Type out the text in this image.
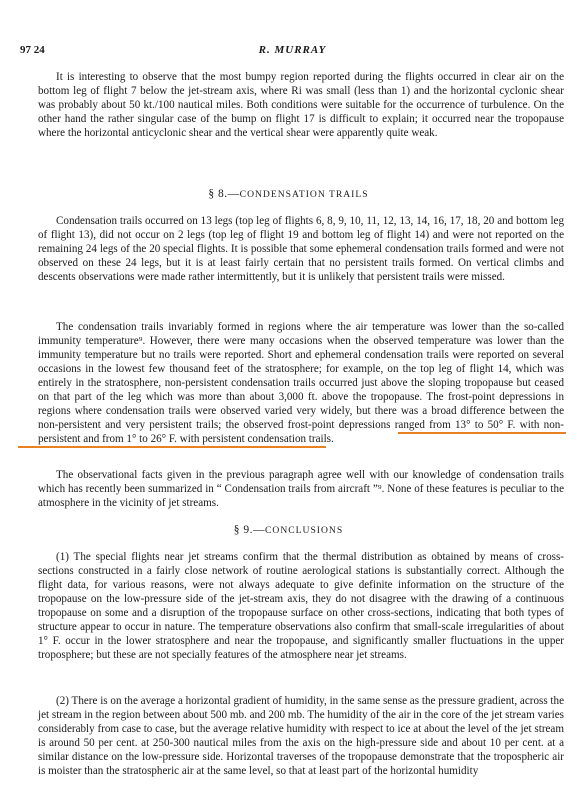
97 24	R. MURRAY

It is interesting to observe that the most bumpy region reported during the flights occurred in clear air on the bottom leg of flight 7 below the jet-stream axis, where Ri was small (less than 1) and the horizontal cyclonic shear was probably about 50 kt./100 nautical miles. Both conditions were suitable for the occurrence of turbulence. On the other hand the rather singular case of the bump on flight 17 is difficult to explain; it occurred near the tropopause where the horizontal anticyclonic shear and the vertical shear were apparently quite weak.

§ 8.—CONDENSATION TRAILS

Condensation trails occurred on 13 legs (top leg of flights 6, 8, 9, 10, 11, 12, 13, 14, 16, 17, 18, 20 and bottom leg of flight 13), did not occur on 2 legs (top leg of flight 19 and bottom leg of flight 14) and were not reported on the remaining 24 legs of the 20 special flights. It is possible that some ephemeral condensation trails formed and were not observed on these 24 legs, but it is at least fairly certain that no persistent trails formed. On vertical climbs and descents observations were made rather intermittently, but it is unlikely that persistent trails were missed.

The condensation trails invariably formed in regions where the air temperature was lower than the so-called immunity temperature⁹. However, there were many occasions when the observed temperature was lower than the immunity temperature but no trails were reported. Short and ephemeral condensation trails were reported on several occasions in the lowest few thousand feet of the stratosphere; for example, on the top leg of flight 14, which was entirely in the stratosphere, non-persistent condensation trails occurred just above the sloping tropopause but ceased on that part of the leg which was more than about 3,000 ft. above the tropopause. The frost-point depressions in regions where condensation trails were observed varied very widely, but there was a broad difference between the non-persistent and very persistent trails; the observed frost-point depressions ranged from 13° to 50° F. with non-persistent and from 1° to 26° F. with persistent condensation trails.

The observational facts given in the previous paragraph agree well with our knowledge of condensation trails which has recently been summarized in “ Condensation trails from aircraft ”⁹. None of these features is peculiar to the atmosphere in the vicinity of jet streams.

§ 9.—CONCLUSIONS

(1) The special flights near jet streams confirm that the thermal distribution as obtained by means of cross-sections constructed in a fairly close network of routine aerological stations is substantially correct. Although the flight data, for various reasons, were not always adequate to give definite information on the structure of the tropopause on the low-pressure side of the jet-stream axis, they do not disagree with the drawing of a continuous tropopause on some and a disruption of the tropopause surface on other cross-sections, indicating that both types of structure appear to occur in nature. The temperature observations also confirm that small-scale irregularities of about 1° F. occur in the lower stratosphere and near the tropopause, and significantly smaller fluctuations in the upper troposphere; but these are not specially features of the atmosphere near jet streams.

(2) There is on the average a horizontal gradient of humidity, in the same sense as the pressure gradient, across the jet stream in the region between about 500 mb. and 200 mb. The humidity of the air in the core of the jet stream varies considerably from case to case, but the average relative humidity with respect to ice at about the level of the jet stream is around 50 per cent. at 250-300 nautical miles from the axis on the high-pressure side and about 10 per cent. at a similar distance on the low-pressure side. Horizontal traverses of the tropopause demonstrate that the tropospheric air is moister than the stratospheric air at the same level, so that at least part of the horizontal humidity
